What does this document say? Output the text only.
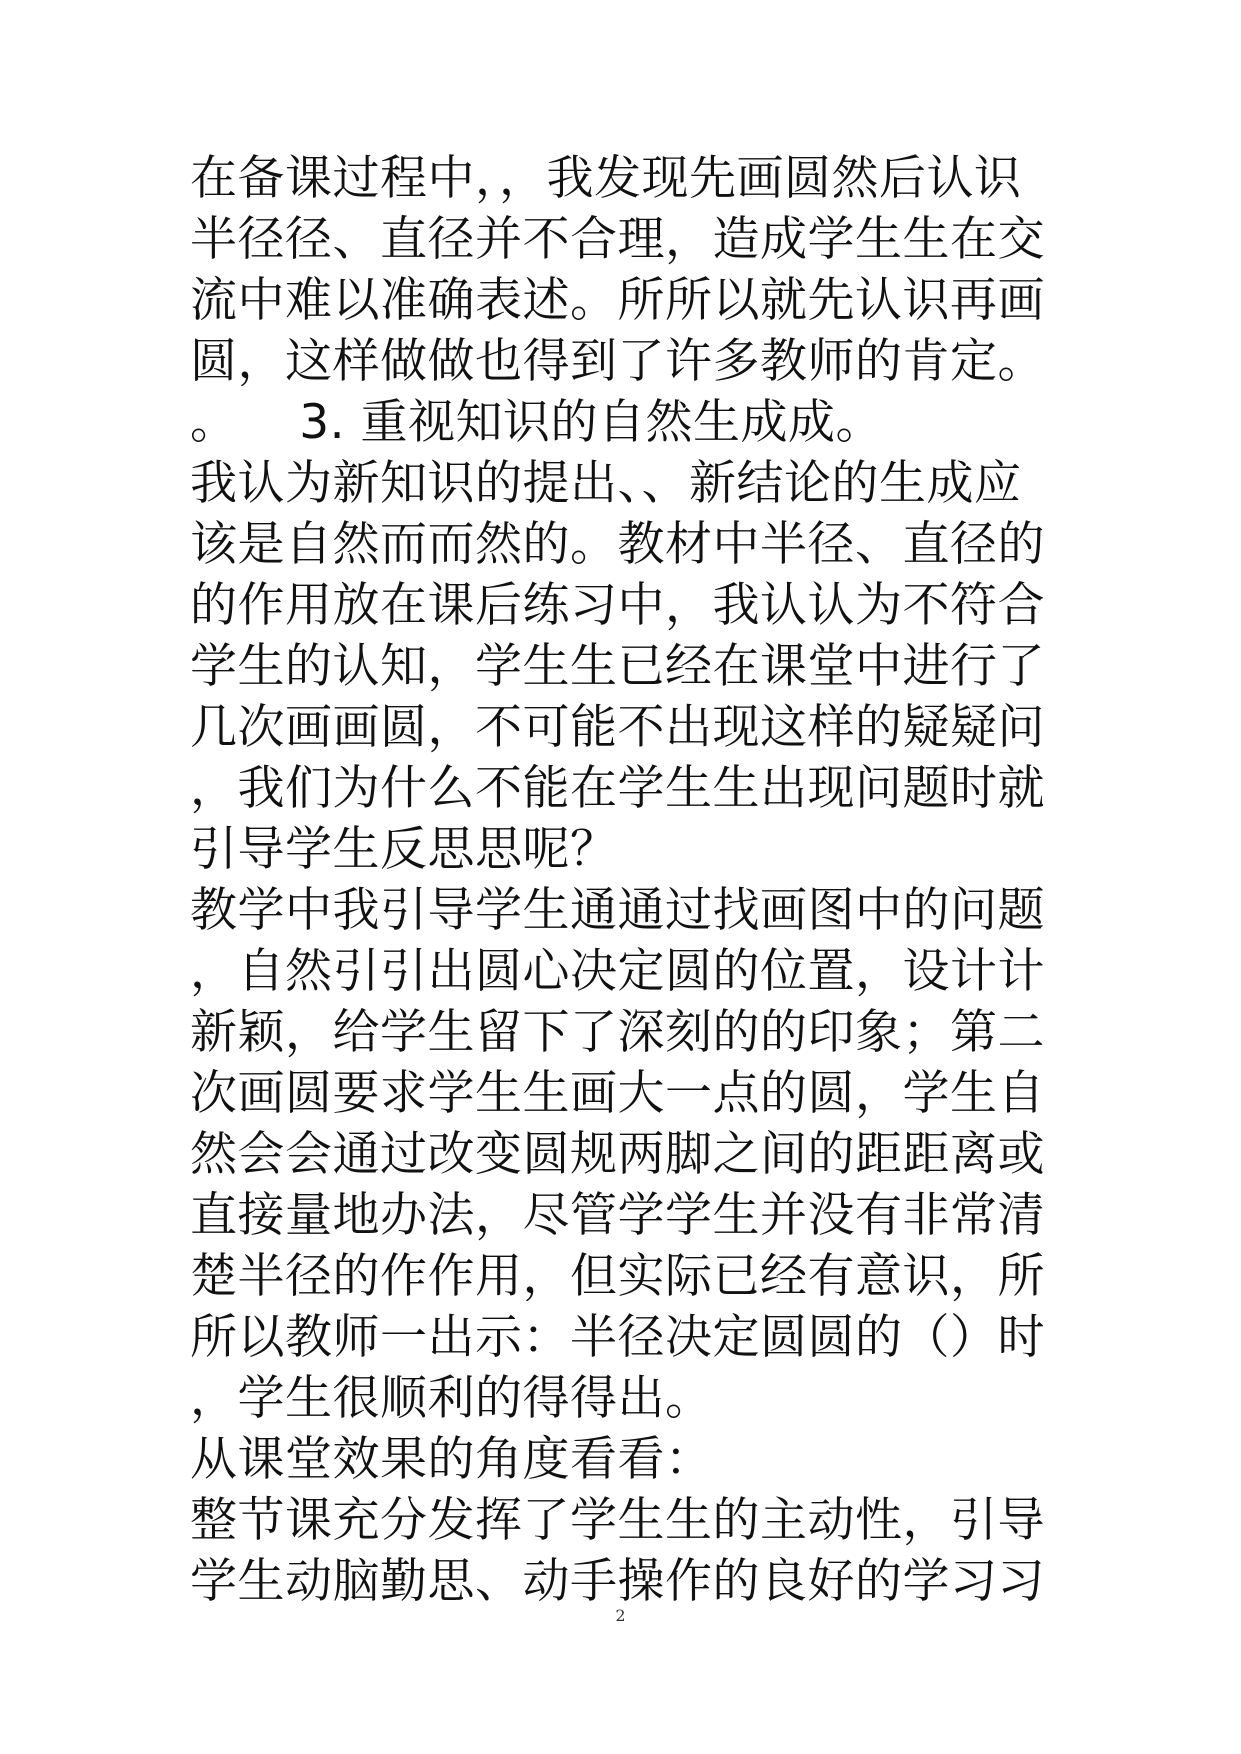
在备课过程中，，我发现先画圆然后认识
半径径、直径并不合理，造成学生生在交
流中难以准确表述。所所以就先认识再画
圆，这样做做也得到了许多教师的肯定。
。    3. 重视知识的自然生成成。
我认为新知识的提出、、新结论的生成应
该是自然而而然的。教材中半径、直径的
的作用放在课后练习中，我认认为不符合
学生的认知，学生生已经在课堂中进行了
几次画画圆，不可能不出现这样的疑疑问
，我们为什么不能在学生生出现问题时就
引导学生反思思呢？
教学中我引导学生通通过找画图中的问题
，自然引引出圆心决定圆的位置，设计计
新颖，给学生留下了深刻的的印象；第二
次画圆要求学生生画大一点的圆，学生自
然会会通过改变圆规两脚之间的距距离或
直接量地办法，尽管学学生并没有非常清
楚半径的作作用，但实际已经有意识，所
所以教师一出示：半径决定圆圆的（）时
，学生很顺利的得得出。
从课堂效果的角度看看：
整节课充分发挥了学生生的主动性，引导
学生动脑勤思、动手操作的良好的学习习
2
